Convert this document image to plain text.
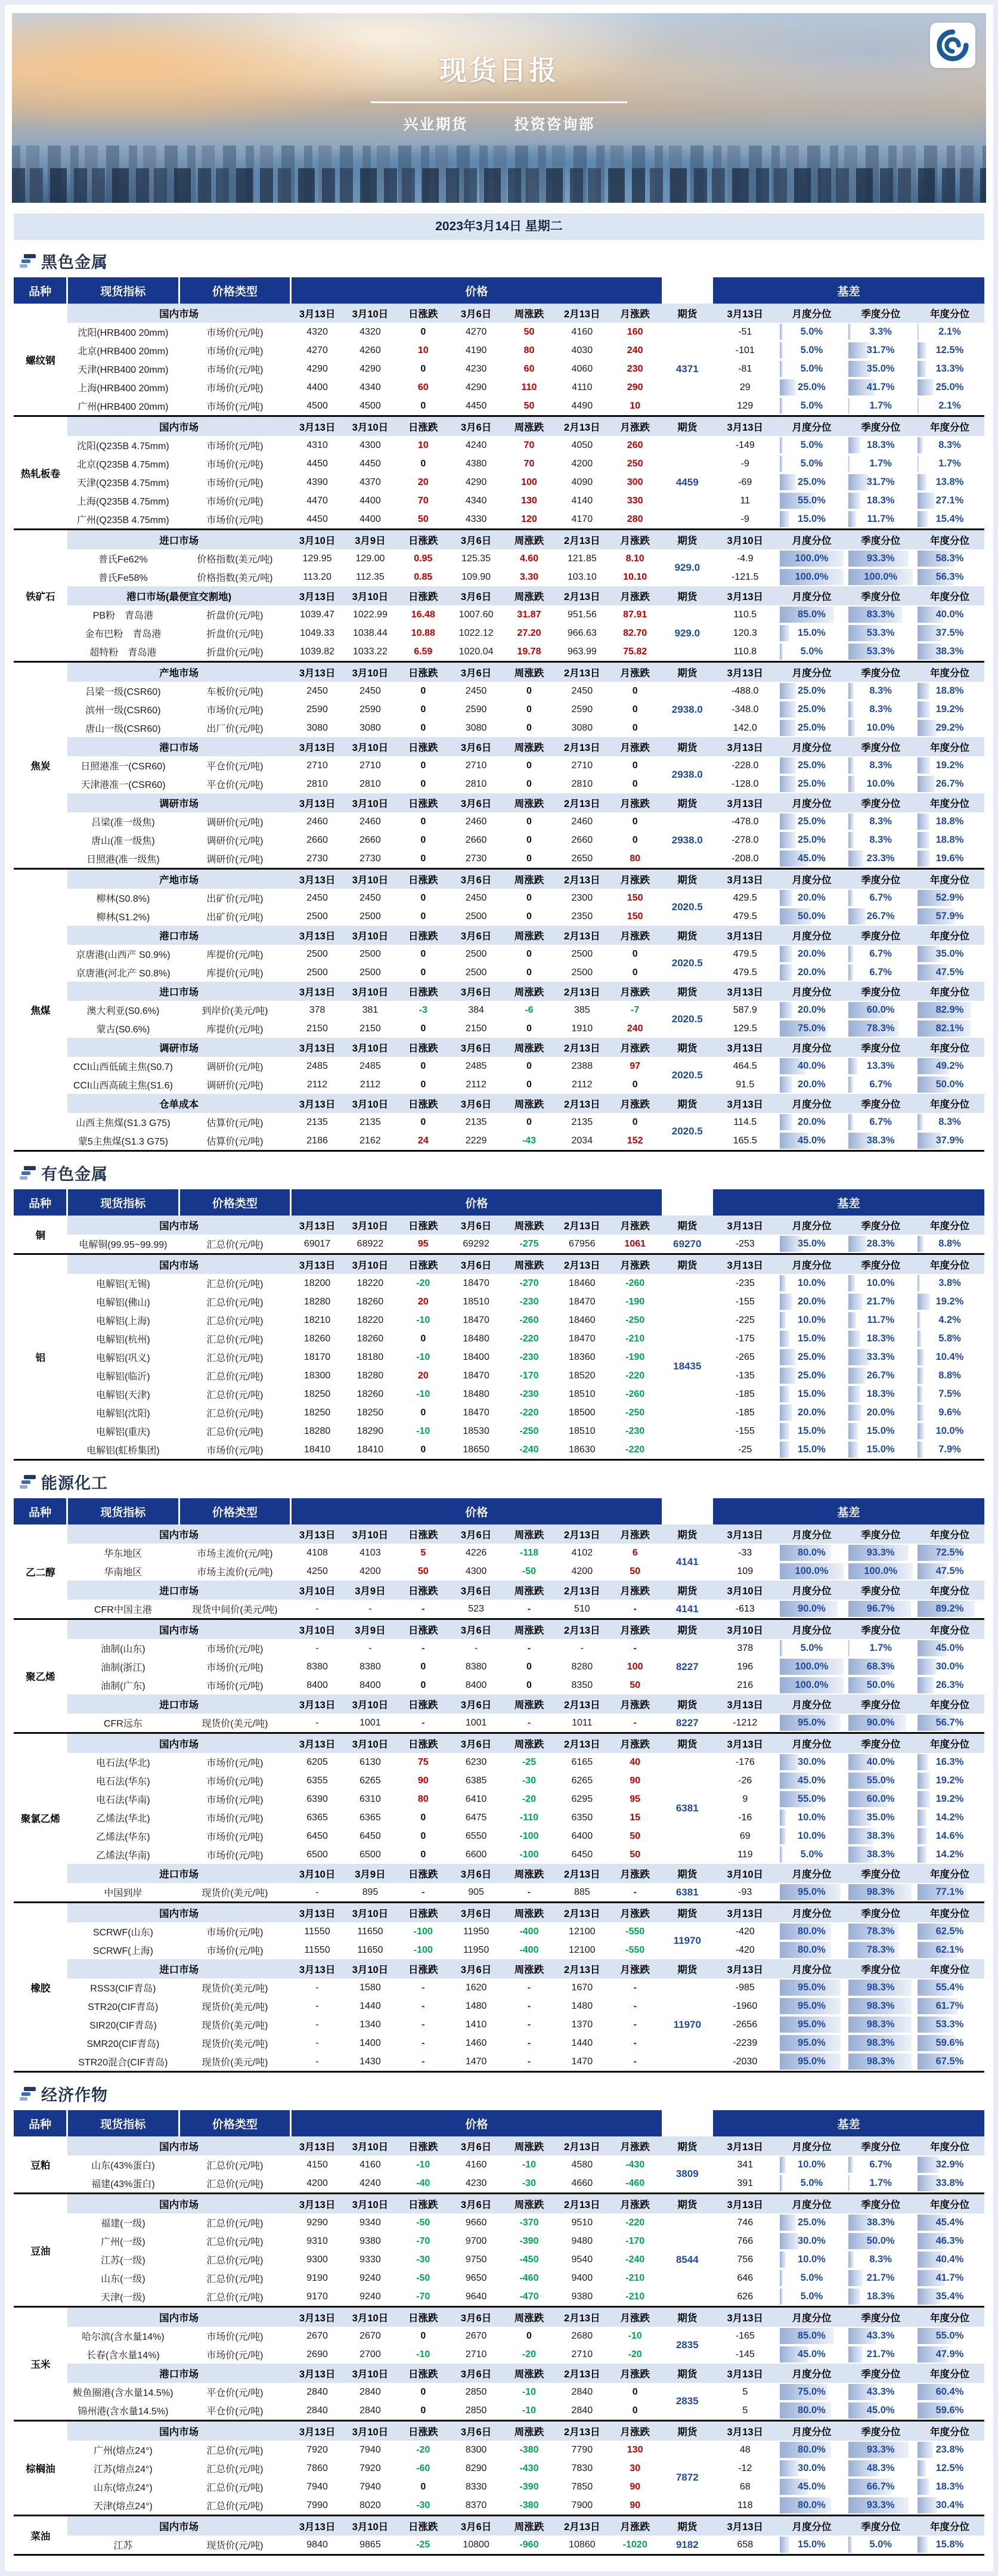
现货日报
兴业期货	投资咨询部
2023年3月14日 星期二
黑色金属
品种	现货指标	价格类型	价格								基差			
螺纹钢	国内市场		3月13日	3月10日	日涨跌	3月6日	周涨跌	2月13日	月涨跌	期货	3月13日	月度分位	季度分位	年度分位
	沈阳(HRB400 20mm)	市场价(元/吨)	4320	4320	0	4270	50	4160	160	4371	-51	5.0%	3.3%	2.1%

	北京(HRB400 20mm)	市场价(元/吨)	4270	4260	10	4190	80	4030	240		-101	5.0%	31.7%	12.5%

	天津(HRB400 20mm)	市场价(元/吨)	4290	4290	0	4230	60	4060	230		-81	5.0%	35.0%	13.3%

	上海(HRB400 20mm)	市场价(元/吨)	4400	4340	60	4290	110	4110	290		29	25.0%	41.7%	25.0%

	广州(HRB400 20mm)	市场价(元/吨)	4500	4500	0	4450	50	4490	10		129	5.0%	1.7%	2.1%

热轧板卷	国内市场		3月13日	3月10日	日涨跌	3月6日	周涨跌	2月13日	月涨跌	期货	3月13日	月度分位	季度分位	年度分位
	沈阳(Q235B 4.75mm)	市场价(元/吨)	4310	4300	10	4240	70	4050	260	4459	-149	5.0%	18.3%	8.3%

	北京(Q235B 4.75mm)	市场价(元/吨)	4450	4450	0	4380	70	4200	250		-9	5.0%	1.7%	1.7%

	天津(Q235B 4.75mm)	市场价(元/吨)	4390	4370	20	4290	100	4090	300		-69	25.0%	31.7%	13.8%

	上海(Q235B 4.75mm)	市场价(元/吨)	4470	4400	70	4340	130	4140	330		11	55.0%	18.3%	27.1%

	广州(Q235B 4.75mm)	市场价(元/吨)	4450	4400	50	4330	120	4170	280		-9	15.0%	11.7%	15.4%

铁矿石	进口市场		3月10日	3月9日	日涨跌	3月6日	周涨跌	2月13日	月涨跌	期货	3月10日	月度分位	季度分位	年度分位
	普氏Fe62%	价格指数(美元/吨)	129.95	129.00	0.95	125.35	4.60	121.85	8.10	929.0	-4.9	100.0%	93.3%	58.3%

	普氏Fe58%	价格指数(美元/吨)	113.20	112.35	0.85	109.90	3.30	103.10	10.10		-121.5	100.0%	100.0%	56.3%

	港口市场(最便宜交割地)		3月13日	3月10日	日涨跌	3月6日	周涨跌	2月13日	月涨跌	期货	3月13日	月度分位	季度分位	年度分位
	PB粉　青岛港	折盘价(元/吨)	1039.47	1022.99	16.48	1007.60	31.87	951.56	87.91	929.0	110.5	85.0%	83.3%	40.0%

	金布巴粉　青岛港	折盘价(元/吨)	1049.33	1038.44	10.88	1022.12	27.20	966.63	82.70		120.3	15.0%	53.3%	37.5%

	超特粉　青岛港	折盘价(元/吨)	1039.82	1033.22	6.59	1020.04	19.78	963.99	75.82		110.8	5.0%	53.3%	38.3%

焦炭	产地市场		3月13日	3月10日	日涨跌	3月6日	周涨跌	2月13日	月涨跌	期货	3月13日	月度分位	季度分位	年度分位
	吕梁一级(CSR60)	车板价(元/吨)	2450	2450	0	2450	0	2450	0	2938.0	-488.0	25.0%	8.3%	18.8%

	滨州一级(CSR60)	市场价(元/吨)	2590	2590	0	2590	0	2590	0		-348.0	25.0%	8.3%	19.2%

	唐山一级(CSR60)	出厂价(元/吨)	3080	3080	0	3080	0	3080	0		142.0	25.0%	10.0%	29.2%

	港口市场		3月13日	3月10日	日涨跌	3月6日	周涨跌	2月13日	月涨跌	期货	3月13日	月度分位	季度分位	年度分位
	日照港准一(CSR60)	平仓价(元/吨)	2710	2710	0	2710	0	2710	0	2938.0	-228.0	25.0%	8.3%	19.2%

	天津港准一(CSR60)	平仓价(元/吨)	2810	2810	0	2810	0	2810	0		-128.0	25.0%	10.0%	26.7%

	调研市场		3月13日	3月10日	日涨跌	3月6日	周涨跌	2月13日	月涨跌	期货	3月13日	月度分位	季度分位	年度分位
	吕梁(准一级焦)	调研价(元/吨)	2460	2460	0	2460	0	2460	0	2938.0	-478.0	25.0%	8.3%	18.8%

	唐山(准一级焦)	调研价(元/吨)	2660	2660	0	2660	0	2660	0		-278.0	25.0%	8.3%	18.8%

	日照港(准一级焦)	调研价(元/吨)	2730	2730	0	2730	0	2650	80		-208.0	45.0%	23.3%	19.6%

焦煤	产地市场		3月13日	3月10日	日涨跌	3月6日	周涨跌	2月13日	月涨跌	期货	3月13日	月度分位	季度分位	年度分位
	柳林(S0.8%)	出矿价(元/吨)	2450	2450	0	2450	0	2300	150	2020.5	429.5	20.0%	6.7%	52.9%

	柳林(S1.2%)	出矿价(元/吨)	2500	2500	0	2500	0	2350	150		479.5	50.0%	26.7%	57.9%

	港口市场		3月13日	3月10日	日涨跌	3月6日	周涨跌	2月13日	月涨跌	期货	3月13日	月度分位	季度分位	年度分位
	京唐港(山西产 S0.9%)	库提价(元/吨)	2500	2500	0	2500	0	2500	0	2020.5	479.5	20.0%	6.7%	35.0%

	京唐港(河北产 S0.8%)	库提价(元/吨)	2500	2500	0	2500	0	2500	0		479.5	20.0%	6.7%	47.5%

	进口市场		3月13日	3月10日	日涨跌	3月6日	周涨跌	2月13日	月涨跌	期货	3月13日	月度分位	季度分位	年度分位
	澳大利亚(S0.6%)	到岸价(美元/吨)	378	381	-3	384	-6	385	-7	2020.5	587.9	20.0%	60.0%	82.9%

	蒙古(S0.6%)	库提价(元/吨)	2150	2150	0	2150	0	1910	240		129.5	75.0%	78.3%	82.1%

	调研市场		3月13日	3月10日	日涨跌	3月6日	周涨跌	2月13日	月涨跌	期货	3月13日	月度分位	季度分位	年度分位
	CCI山西低硫主焦(S0.7)	调研价(元/吨)	2485	2485	0	2485	0	2388	97	2020.5	464.5	40.0%	13.3%	49.2%

	CCI山西高硫主焦(S1.6)	调研价(元/吨)	2112	2112	0	2112	0	2112	0		91.5	20.0%	6.7%	50.0%

	仓单成本		3月13日	3月10日	日涨跌	3月6日	周涨跌	2月13日	月涨跌	期货	3月13日	月度分位	季度分位	年度分位
	山西主焦煤(S1.3 G75)	估算价(元/吨)	2135	2135	0	2135	0	2135	0	2020.5	114.5	20.0%	6.7%	8.3%

	蒙5主焦煤(S1.3 G75)	估算价(元/吨)	2186	2162	24	2229	-43	2034	152		165.5	45.0%	38.3%	37.9%
有色金属
品种	现货指标	价格类型	价格								基差			
铜	国内市场		3月13日	3月10日	日涨跌	3月6日	周涨跌	2月13日	月涨跌	期货	3月13日	月度分位	季度分位	年度分位
	电解铜(99.95~99.99)	汇总价(元/吨)	69017	68922	95	69292	-275	67956	1061	69270	-253	35.0%	28.3%	8.8%

铝	国内市场		3月13日	3月10日	日涨跌	3月6日	周涨跌	2月13日	月涨跌	期货	3月13日	月度分位	季度分位	年度分位
	电解铝(无锡)	汇总价(元/吨)	18200	18220	-20	18470	-270	18460	-260	18435	-235	10.0%	10.0%	3.8%

	电解铝(佛山)	汇总价(元/吨)	18280	18260	20	18510	-230	18470	-190		-155	20.0%	21.7%	19.2%

	电解铝(上海)	汇总价(元/吨)	18210	18220	-10	18470	-260	18460	-250		-225	10.0%	11.7%	4.2%

	电解铝(杭州)	汇总价(元/吨)	18260	18260	0	18480	-220	18470	-210		-175	15.0%	18.3%	5.8%

	电解铝(巩义)	汇总价(元/吨)	18170	18180	-10	18400	-230	18360	-190		-265	25.0%	33.3%	10.4%

	电解铝(临沂)	汇总价(元/吨)	18300	18280	20	18470	-170	18520	-220		-135	25.0%	26.7%	8.8%

	电解铝(天津)	汇总价(元/吨)	18250	18260	-10	18480	-230	18510	-260		-185	15.0%	18.3%	7.5%

	电解铝(沈阳)	汇总价(元/吨)	18250	18250	0	18470	-220	18500	-250		-185	20.0%	20.0%	9.6%

	电解铝(重庆)	汇总价(元/吨)	18280	18290	-10	18530	-250	18510	-230		-155	15.0%	15.0%	10.0%

	电解铝(虹桥集团)	市场价(元/吨)	18410	18410	0	18650	-240	18630	-220		-25	15.0%	15.0%	7.9%
能源化工
品种	现货指标	价格类型	价格								基差			
乙二醇	国内市场		3月13日	3月10日	日涨跌	3月6日	周涨跌	2月13日	月涨跌	期货	3月13日	月度分位	季度分位	年度分位
	华东地区	市场主流价(元/吨)	4108	4103	5	4226	-118	4102	6	4141	-33	80.0%	93.3%	72.5%

	华南地区	市场主流价(元/吨)	4250	4200	50	4300	-50	4200	50		109	100.0%	100.0%	47.5%

	进口市场		3月10日	3月9日	日涨跌	3月6日	周涨跌	2月13日	月涨跌	期货	3月10日	月度分位	季度分位	年度分位
	CFR中国主港	现货中间价(美元/吨)	-	-	-	523	-	510	-	4141	-613	90.0%	96.7%	89.2%

聚乙烯	国内市场		3月10日	3月9日	日涨跌	3月6日	周涨跌	2月13日	月涨跌	期货	3月10日	月度分位	季度分位	年度分位
	油制(山东)	市场价(元/吨)	-	-	-	-	-	-	-	8227	378	5.0%	1.7%	45.0%

	油制(浙江)	市场价(元/吨)	8380	8380	0	8380	0	8280	100		196	100.0%	68.3%	30.0%

	油制(广东)	市场价(元/吨)	8400	8400	0	8400	0	8350	50		216	100.0%	50.0%	26.3%

	进口市场		3月13日	3月10日	日涨跌	3月6日	周涨跌	2月13日	月涨跌	期货	3月13日	月度分位	季度分位	年度分位
	CFR远东	现货价(美元/吨)	-	1001	-	1001	-	1011	-	8227	-1212	95.0%	90.0%	56.7%

聚氯乙烯	国内市场		3月13日	3月10日	日涨跌	3月6日	周涨跌	2月13日	月涨跌	期货	3月13日	月度分位	季度分位	年度分位
	电石法(华北)	市场价(元/吨)	6205	6130	75	6230	-25	6165	40	6381	-176	30.0%	40.0%	16.3%

	电石法(华东)	市场价(元/吨)	6355	6265	90	6385	-30	6265	90		-26	45.0%	55.0%	19.2%

	电石法(华南)	市场价(元/吨)	6390	6310	80	6410	-20	6295	95		9	55.0%	60.0%	19.2%

	乙烯法(华北)	市场价(元/吨)	6365	6365	0	6475	-110	6350	15		-16	10.0%	35.0%	14.2%

	乙烯法(华东)	市场价(元/吨)	6450	6450	0	6550	-100	6400	50		69	10.0%	38.3%	14.6%

	乙烯法(华南)	市场价(元/吨)	6500	6500	0	6600	-100	6450	50		119	5.0%	38.3%	14.2%

	进口市场		3月10日	3月9日	日涨跌	3月6日	周涨跌	2月13日	月涨跌	期货	3月10日	月度分位	季度分位	年度分位
	中国到岸	现货价(美元/吨)	-	895	-	905	-	885	-	6381	-93	95.0%	98.3%	77.1%

橡胶	国内市场		3月13日	3月10日	日涨跌	3月6日	周涨跌	2月13日	月涨跌	期货	3月13日	月度分位	季度分位	年度分位
	SCRWF(山东)	市场价(元/吨)	11550	11650	-100	11950	-400	12100	-550	11970	-420	80.0%	78.3%	62.5%

	SCRWF(上海)	市场价(元/吨)	11550	11650	-100	11950	-400	12100	-550		-420	80.0%	78.3%	62.1%

	进口市场		3月13日	3月10日	日涨跌	3月6日	周涨跌	2月13日	月涨跌	期货	3月13日	月度分位	季度分位	年度分位
	RSS3(CIF青岛)	现货价(美元/吨)	-	1580	-	1620	-	1670	-	11970	-985	95.0%	98.3%	55.4%

	STR20(CIF青岛)	现货价(美元/吨)	-	1440	-	1480	-	1480	-		-1960	95.0%	98.3%	61.7%

	SIR20(CIF青岛)	现货价(美元/吨)	-	1340	-	1410	-	1370	-		-2656	95.0%	98.3%	53.3%

	SMR20(CIF青岛)	现货价(美元/吨)	-	1400	-	1460	-	1440	-		-2239	95.0%	98.3%	59.6%

	STR20混合(CIF青岛)	现货价(美元/吨)	-	1430	-	1470	-	1470	-		-2030	95.0%	98.3%	67.5%
经济作物
品种	现货指标	价格类型	价格								基差			
豆粕	国内市场		3月13日	3月10日	日涨跌	3月6日	周涨跌	2月13日	月涨跌	期货	3月13日	月度分位	季度分位	年度分位
	山东(43%蛋白)	汇总价(元/吨)	4150	4160	-10	4160	-10	4580	-430	3809	341	10.0%	6.7%	32.9%

	福建(43%蛋白)	汇总价(元/吨)	4200	4240	-40	4230	-30	4660	-460		391	5.0%	1.7%	33.8%

豆油	国内市场		3月13日	3月10日	日涨跌	3月6日	周涨跌	2月13日	月涨跌	期货	3月13日	月度分位	季度分位	年度分位
	福建(一级)	汇总价(元/吨)	9290	9340	-50	9660	-370	9510	-220	8544	746	25.0%	38.3%	45.4%

	广州(一级)	汇总价(元/吨)	9310	9380	-70	9700	-390	9480	-170		766	30.0%	50.0%	46.3%

	江苏(一级)	汇总价(元/吨)	9300	9330	-30	9750	-450	9540	-240		756	10.0%	8.3%	40.4%

	山东(一级)	汇总价(元/吨)	9190	9240	-50	9650	-460	9400	-210		646	5.0%	21.7%	41.7%

	天津(一级)	汇总价(元/吨)	9170	9240	-70	9640	-470	9380	-210		626	5.0%	18.3%	35.4%

玉米	国内市场		3月13日	3月10日	日涨跌	3月6日	周涨跌	2月13日	月涨跌	期货	3月13日	月度分位	季度分位	年度分位
	哈尔滨(含水量14%)	市场价(元/吨)	2670	2670	0	2670	0	2680	-10	2835	-165	85.0%	43.3%	55.0%

	长春(含水量14%)	市场价(元/吨)	2690	2700	-10	2710	-20	2710	-20		-145	45.0%	21.7%	47.9%

	港口市场		3月13日	3月10日	日涨跌	3月6日	周涨跌	2月13日	月涨跌	期货	3月13日	月度分位	季度分位	年度分位
	鲅鱼圈港(含水量14.5%)	平仓价(元/吨)	2840	2840	0	2850	-10	2840	0	2835	5	75.0%	43.3%	60.4%

	锦州港(含水量14.5%)	平仓价(元/吨)	2840	2840	0	2850	-10	2840	0		5	80.0%	45.0%	59.6%

棕榈油	国内市场		3月13日	3月10日	日涨跌	3月6日	周涨跌	2月13日	月涨跌	期货	3月13日	月度分位	季度分位	年度分位
	广州(熔点24°)	汇总价(元/吨)	7920	7940	-20	8300	-380	7790	130	7872	48	80.0%	93.3%	23.8%

	江苏(熔点24°)	汇总价(元/吨)	7860	7920	-60	8290	-430	7830	30		-12	30.0%	48.3%	12.5%

	山东(熔点24°)	汇总价(元/吨)	7940	7940	0	8330	-390	7850	90		68	45.0%	66.7%	18.3%

	天津(熔点24°)	汇总价(元/吨)	7990	8020	-30	8370	-380	7900	90		118	80.0%	93.3%	30.4%

菜油	国内市场		3月13日	3月10日	日涨跌	3月6日	周涨跌	2月13日	月涨跌	期货	3月13日	月度分位	季度分位	年度分位
	江苏	现货价(元/吨)	9840	9865	-25	10800	-960	10860	-1020	9182	658	15.0%	5.0%	15.8%
